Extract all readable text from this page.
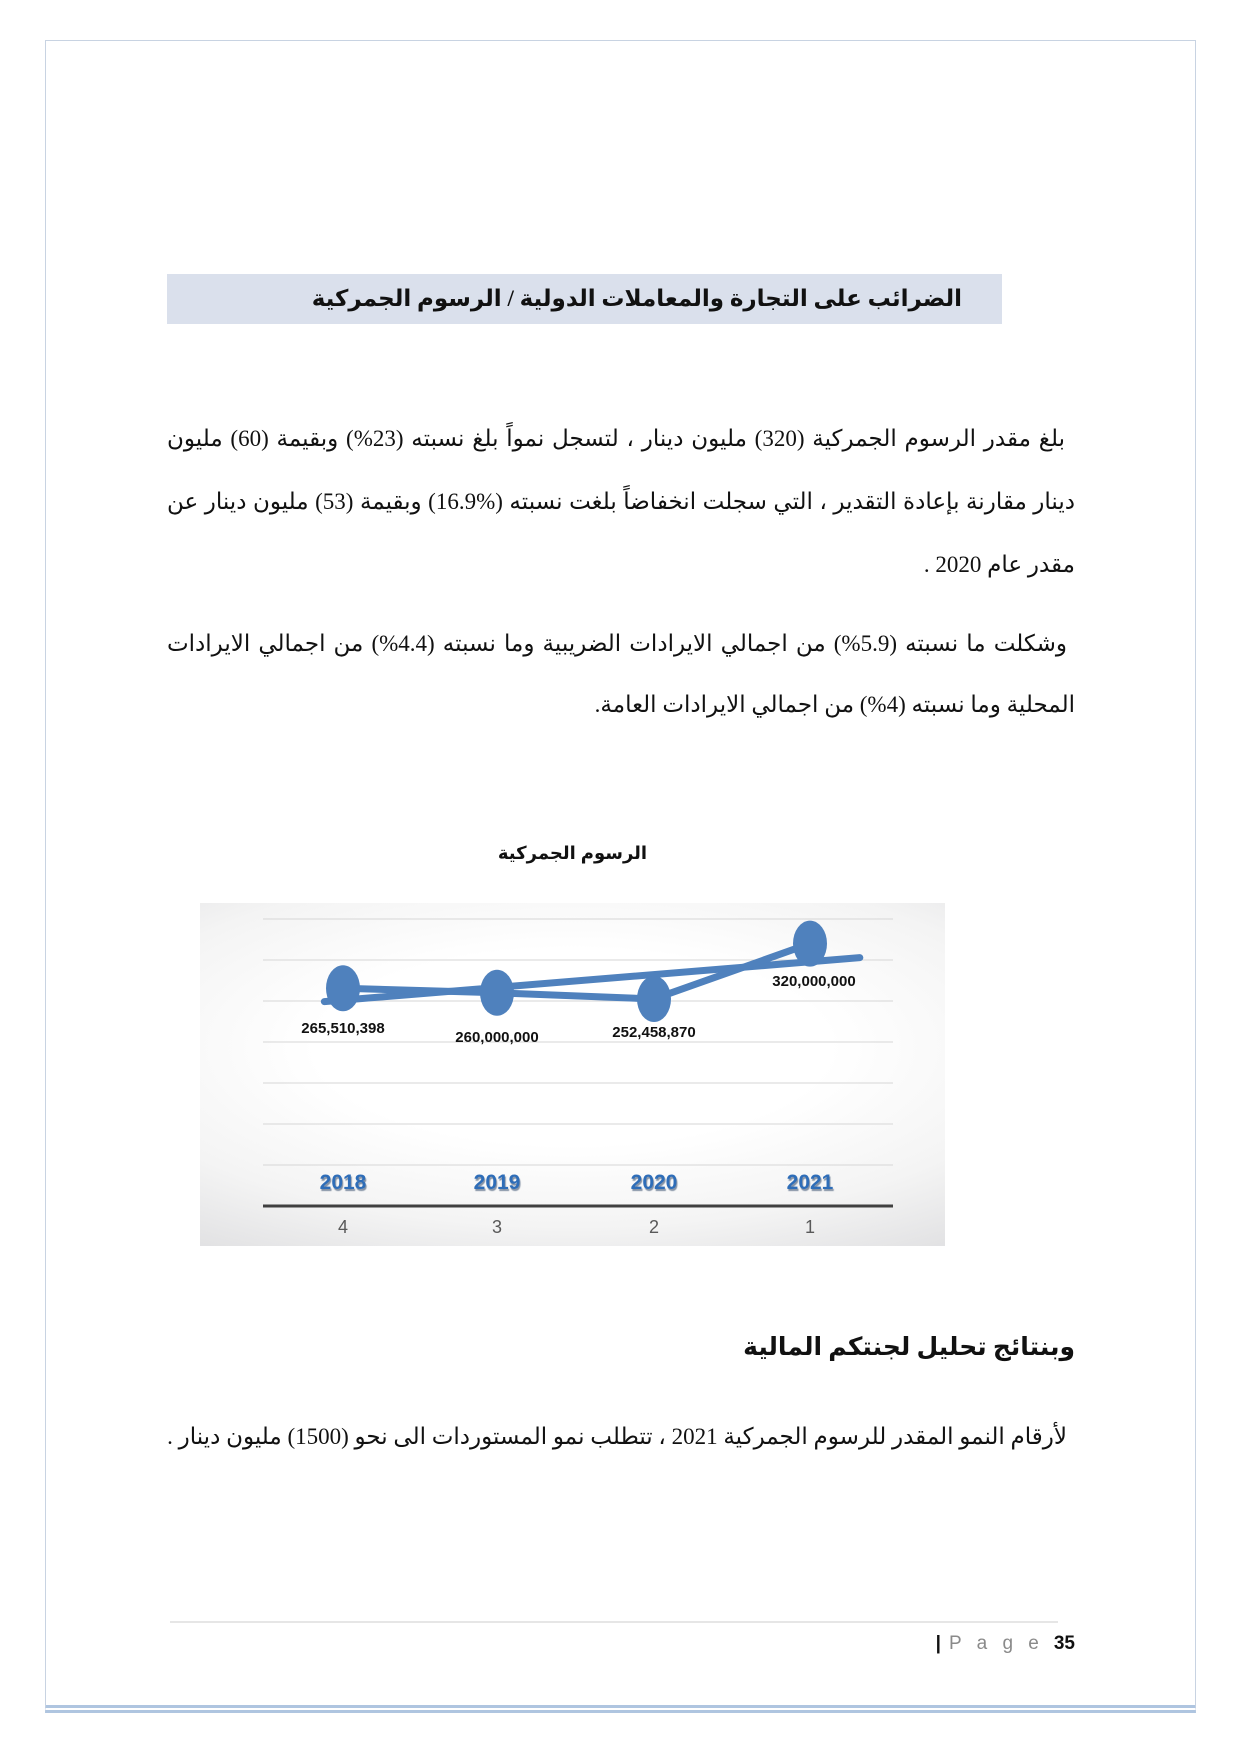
الضرائب على التجارة والمعاملات الدولية / الرسوم الجمركية

بلغ مقدر الرسوم الجمركية (320) مليون دينار ، لتسجل نمواً بلغ نسبته (23%) وبقيمة (60) مليون دينار مقارنة بإعادة التقدير ، التي سجلت انخفاضاً بلغت نسبته (%16.9) وبقيمة (53) مليون دينار عن مقدر عام 2020 .

وشكلت ما نسبته (5.9%) من اجمالي الايرادات الضريبية وما نسبته (4.4%) من اجمالي الايرادات المحلية وما نسبته (4%) من اجمالي الايرادات العامة.

الرسوم الجمركية
265,510,398
260,000,000	252,458,870
320,000,000
2018	2019	2020	2021
4	3	2	1
وبنتائج تحليل لجنتكم المالية

لأرقام النمو المقدر للرسوم الجمركية 2021 ، تتطلب نمو المستوردات الى نحو (1500) مليون دينار .

| P a g e 35
